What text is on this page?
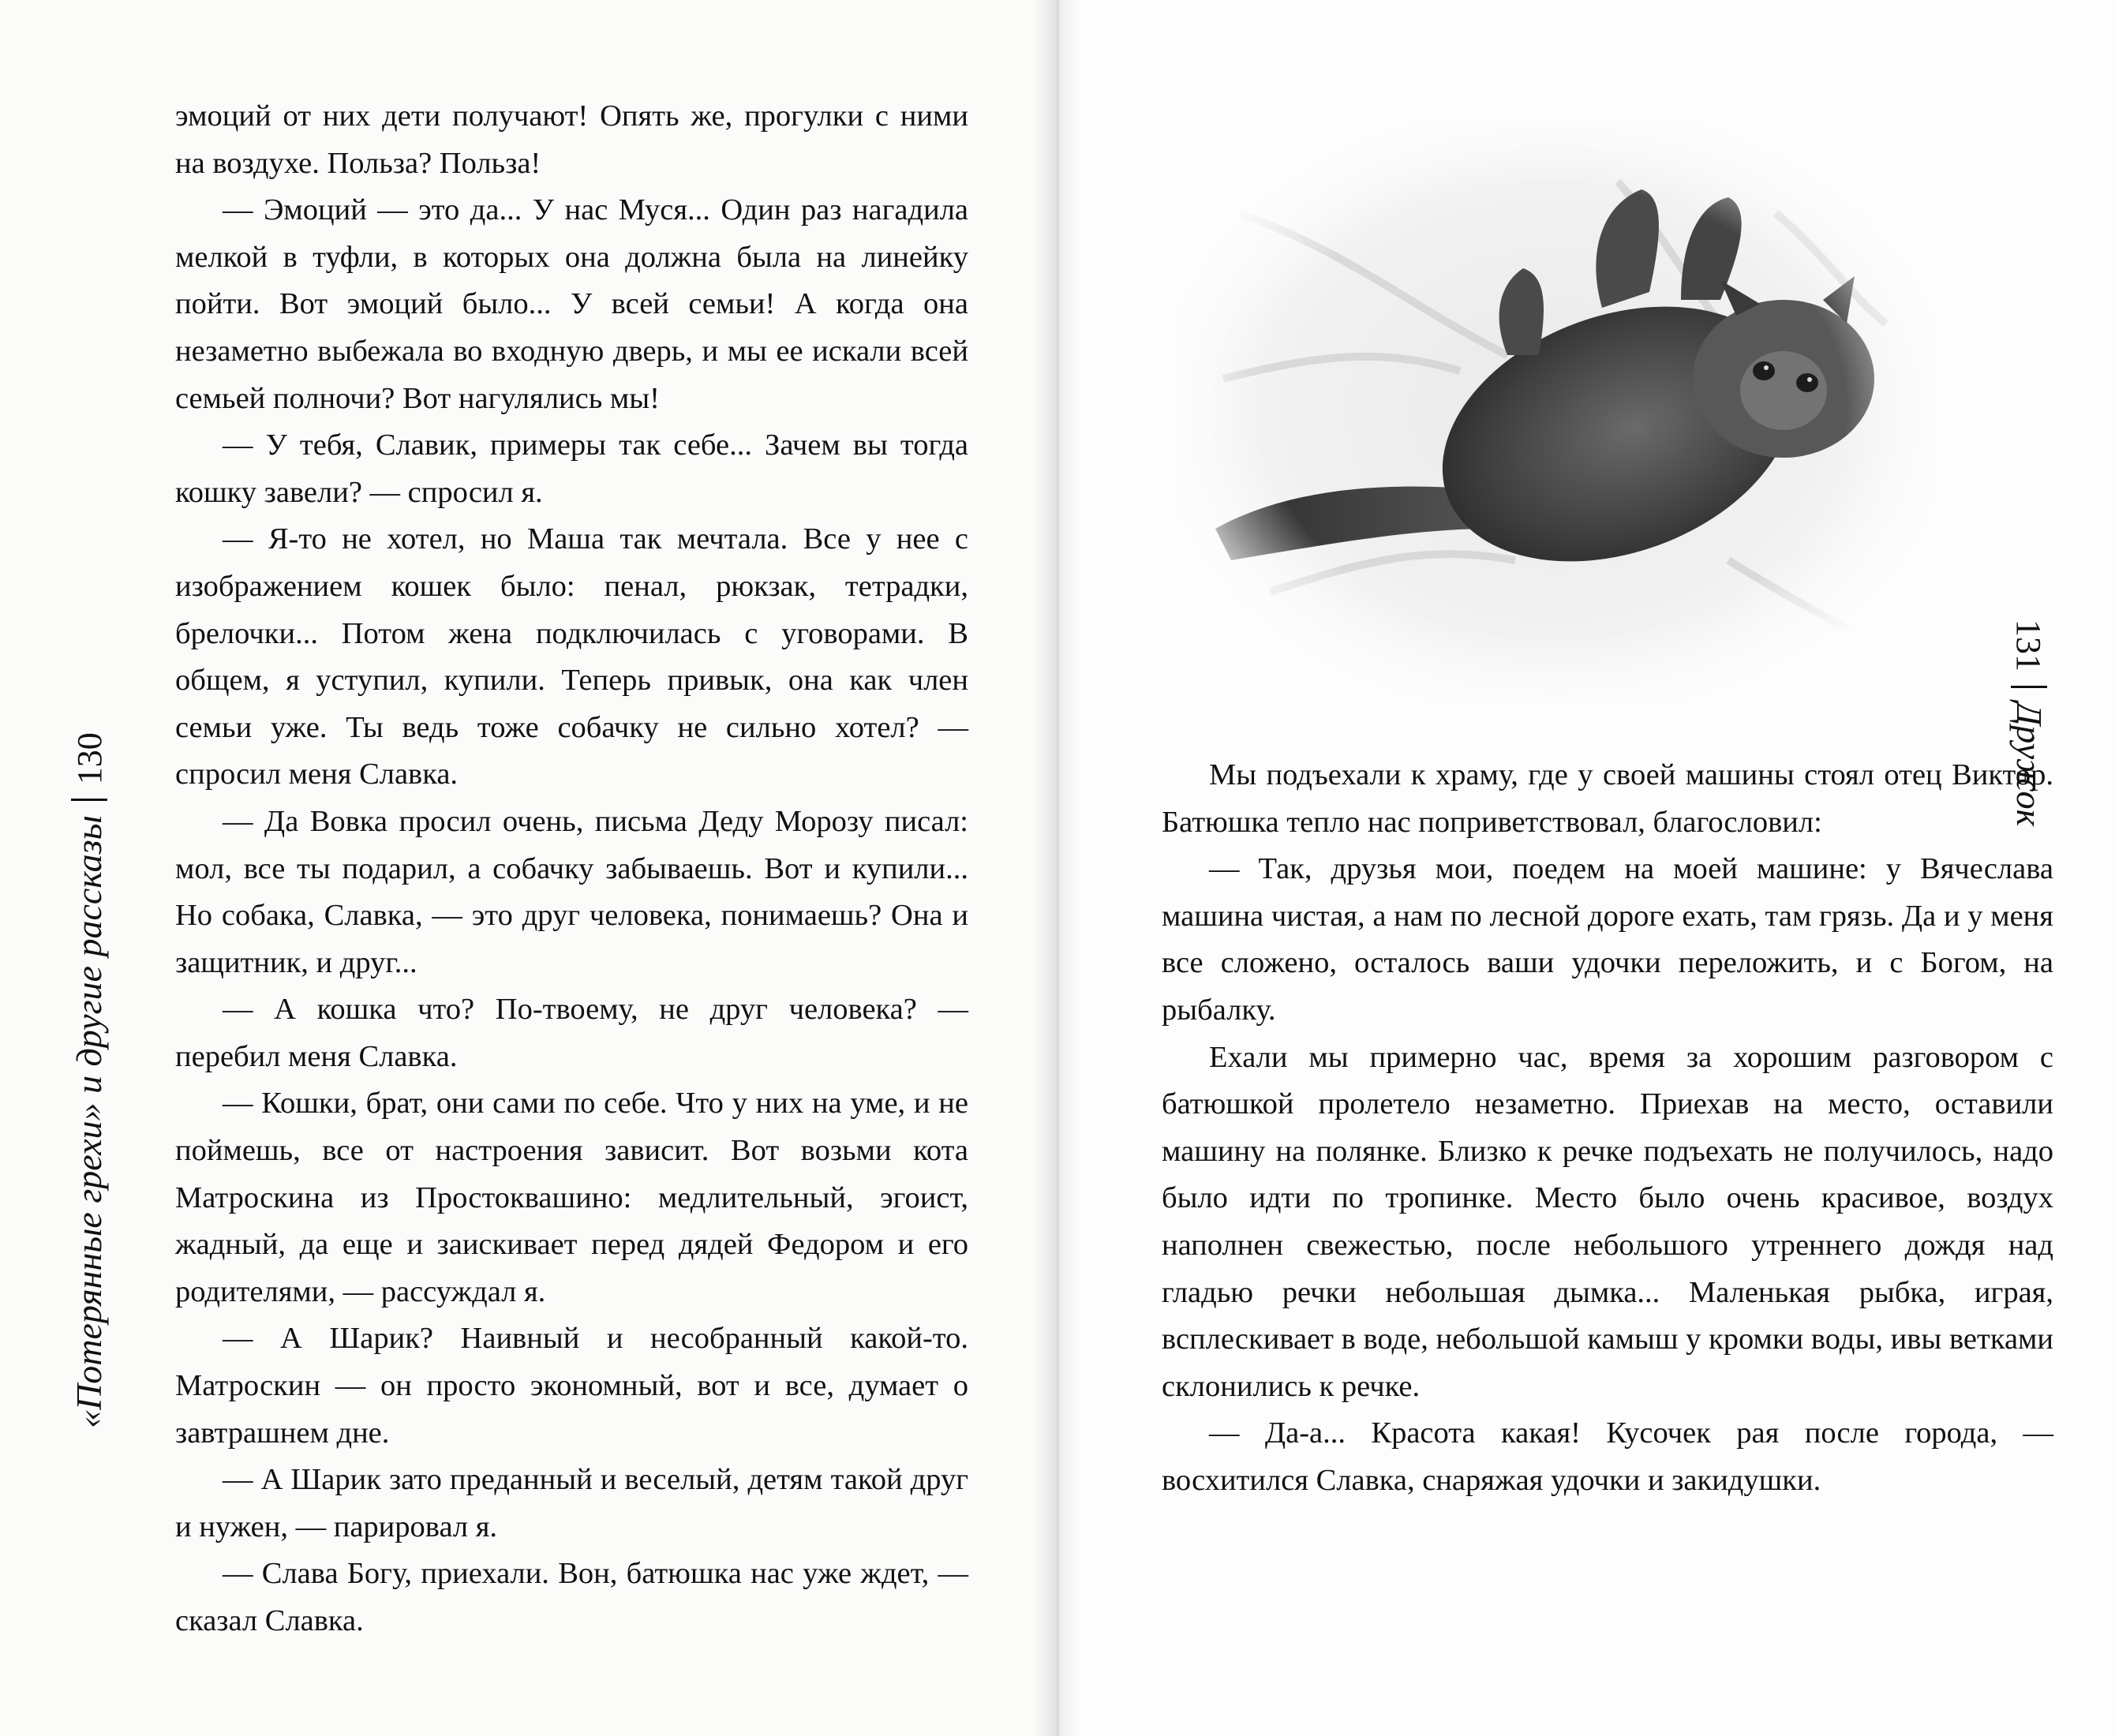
эмоций от них дети получают! Опять же, прогулки с ними на воздухе. Польза? Польза!

— Эмоций — это да... У нас Муся... Один раз нагадила мелкой в туфли, в которых она должна была на линейку пойти. Вот эмоций было... У всей семьи! А когда она незаметно выбежала во входную дверь, и мы ее искали всей семьей полночи? Вот нагулялись мы!

— У тебя, Славик, примеры так себе... Зачем вы тогда кошку завели? — спросил я.

— Я-то не хотел, но Маша так мечтала. Все у нее с изображением кошек было: пенал, рюкзак, тетрадки, брелочки... Потом жена подключилась с уговорами. В общем, я уступил, купили. Теперь привык, она как член семьи уже. Ты ведь тоже собачку не сильно хотел? — спросил меня Славка.

— Да Вовка просил очень, письма Деду Морозу писал: мол, все ты подарил, а собачку забываешь. Вот и купили... Но собака, Славка, — это друг человека, понимаешь? Она и защитник, и друг...

— А кошка что? По-твоему, не друг человека? — перебил меня Славка.

— Кошки, брат, они сами по себе. Что у них на уме, и не поймешь, все от настроения зависит. Вот возьми кота Матроскина из Простоквашино: медлительный, эгоист, жадный, да еще и заискивает перед дядей Федором и его родителями, — рассуждал я.

— А Шарик? Наивный и несобранный какой-то. Матроскин — он просто экономный, вот и все, думает о завтрашнем дне.

— А Шарик зато преданный и веселый, детям такой друг и нужен, — парировал я.

— Слава Богу, приехали. Вон, батюшка нас уже ждет, — сказал Славка.

«Потерянные грехи» и другие рассказы130	Мы подъехали к храму, где у своей машины стоял отец Виктор. Батюшка тепло нас поприветствовал, благословил:

— Так, друзья мои, поедем на моей машине: у Вячеслава машина чистая, а нам по лесной дороге ехать, там грязь. Да и у меня все сложено, осталось ваши удочки переложить, и с Богом, на рыбалку.

Ехали мы примерно час, время за хорошим разговором с батюшкой пролетело незаметно. Приехав на место, оставили машину на полянке. Близко к речке подъехать не получилось, надо было идти по тропинке. Место было очень красивое, воздух наполнен свежестью, после небольшого утреннего дождя над гладью речки небольшая дымка... Маленькая рыбка, играя, всплескивает в воде, небольшой камыш у кромки воды, ивы ветками склонились к речке.

— Да-а... Красота какая! Кусочек рая после города, — восхитился Славка, снаряжая удочки и закидушки.

131Дружок
